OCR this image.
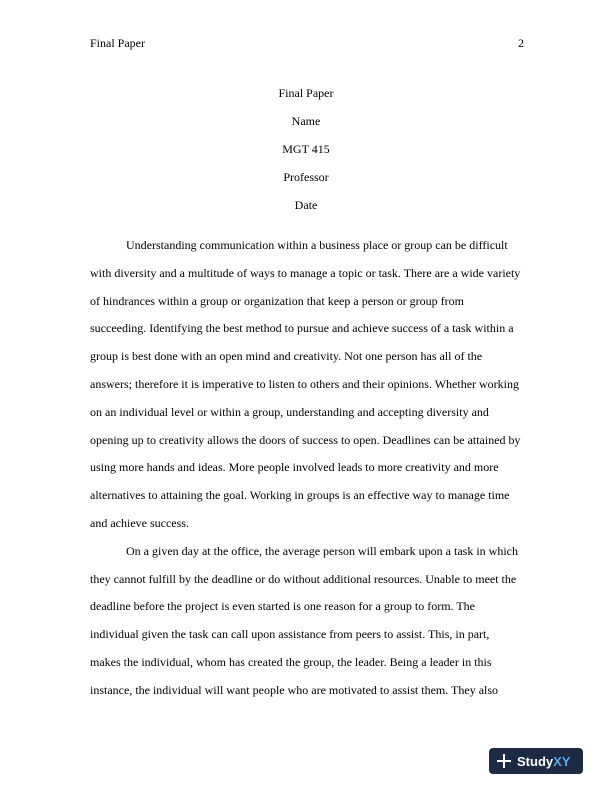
Final Paper	2
Final Paper
Name
MGT 415
Professor
Date
Understanding communication within a business place or group can be difficult
with diversity and a multitude of ways to manage a topic or task. There are a wide variety
of hindrances within a group or organization that keep a person or group from
succeeding. Identifying the best method to pursue and achieve success of a task within a
group is best done with an open mind and creativity. Not one person has all of the
answers; therefore it is imperative to listen to others and their opinions. Whether working
on an individual level or within a group, understanding and accepting diversity and
opening up to creativity allows the doors of success to open. Deadlines can be attained by
using more hands and ideas. More people involved leads to more creativity and more
alternatives to attaining the goal. Working in groups is an effective way to manage time
and achieve success.
On a given day at the office, the average person will embark upon a task in which
they cannot fulfill by the deadline or do without additional resources. Unable to meet the
deadline before the project is even started is one reason for a group to form. The
individual given the task can call upon assistance from peers to assist. This, in part,
makes the individual, whom has created the group, the leader. Being a leader in this
instance, the individual will want people who are motivated to assist them. They also
StudyXY
